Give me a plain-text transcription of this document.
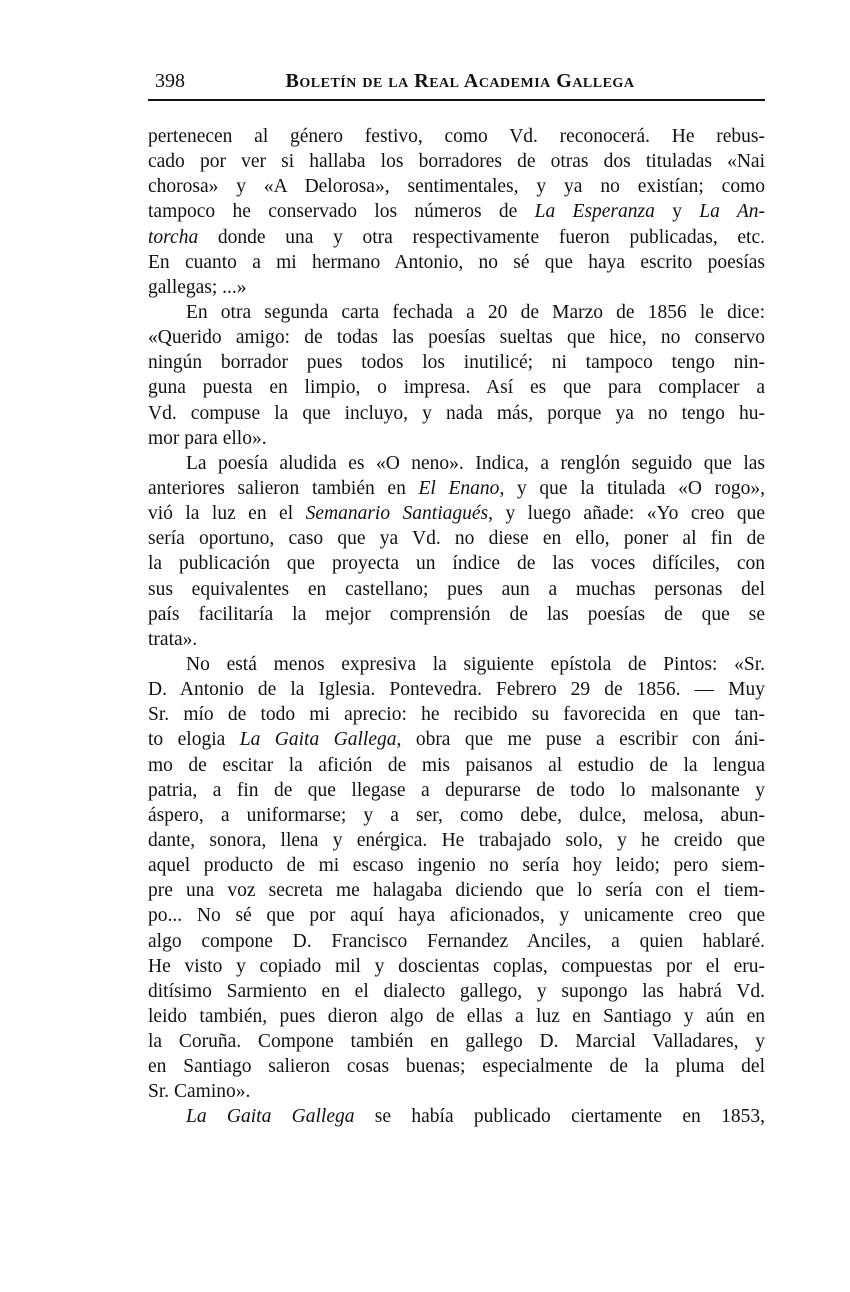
398	Boletín de la Real Academia Gallega
pertenecen al género festivo, como Vd. reconocerá. He rebus-
cado por ver si hallaba los borradores de otras dos tituladas «Nai
chorosa» y «A Delorosa», sentimentales, y ya no existían; como
tampoco he conservado los números de La Esperanza y La An-
torcha donde una y otra respectivamente fueron publicadas, etc.
En cuanto a mi hermano Antonio, no sé que haya escrito poesías
gallegas; ...»
En otra segunda carta fechada a 20 de Marzo de 1856 le dice:
«Querido amigo: de todas las poesías sueltas que hice, no conservo
ningún borrador pues todos los inutilicé; ni tampoco tengo nin-
guna puesta en limpio, o impresa. Así es que para complacer a
Vd. compuse la que incluyo, y nada más, porque ya no tengo hu-
mor para ello».
La poesía aludida es «O neno». Indica, a renglón seguido que las
anteriores salieron también en El Enano, y que la titulada «O rogo»,
vió la luz en el Semanario Santiagués, y luego añade: «Yo creo que
sería oportuno, caso que ya Vd. no diese en ello, poner al fin de
la publicación que proyecta un índice de las voces difíciles, con
sus equivalentes en castellano; pues aun a muchas personas del
país facilitaría la mejor comprensión de las poesías de que se
trata».
No está menos expresiva la siguiente epístola de Pintos: «Sr.
D. Antonio de la Iglesia. Pontevedra. Febrero 29 de 1856. — Muy
Sr. mío de todo mi aprecio: he recibido su favorecida en que tan-
to elogia La Gaita Gallega, obra que me puse a escribir con áni-
mo de escitar la afición de mis paisanos al estudio de la lengua
patria, a fin de que llegase a depurarse de todo lo malsonante y
áspero, a uniformarse; y a ser, como debe, dulce, melosa, abun-
dante, sonora, llena y enérgica. He trabajado solo, y he creido que
aquel producto de mi escaso ingenio no sería hoy leido; pero siem-
pre una voz secreta me halagaba diciendo que lo sería con el tiem-
po... No sé que por aquí haya aficionados, y unicamente creo que
algo compone D. Francisco Fernandez Anciles, a quien hablaré.
He visto y copiado mil y doscientas coplas, compuestas por el eru-
ditísimo Sarmiento en el dialecto gallego, y supongo las habrá Vd.
leido también, pues dieron algo de ellas a luz en Santiago y aún en
la Coruña. Compone también en gallego D. Marcial Valladares, y
en Santiago salieron cosas buenas; especialmente de la pluma del
Sr. Camino».
La Gaita Gallega se había publicado ciertamente en 1853,
